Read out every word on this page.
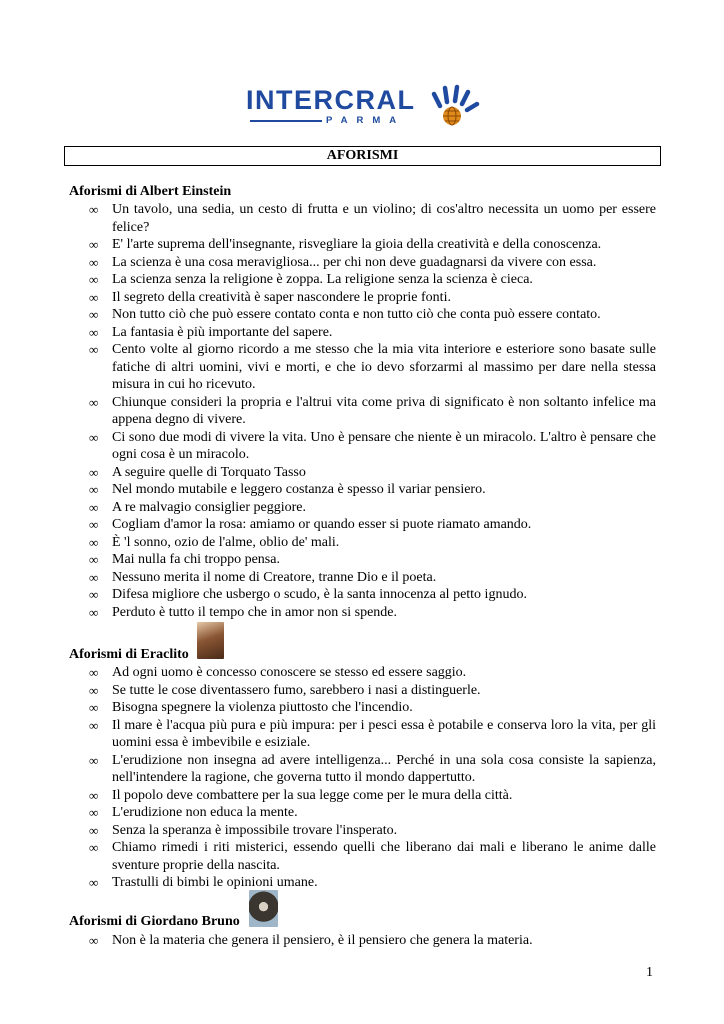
INTERCRAL
PARMA
AFORISMI
Aforismi di Albert Einstein
∞ Un tavolo, una sedia, un cesto di frutta e un violino; di cos'altro necessita un uomo per essere felice?
∞ E' l'arte suprema dell'insegnante, risvegliare la gioia della creatività e della conoscenza.
∞ La scienza è una cosa meravigliosa... per chi non deve guadagnarsi da vivere con essa.
∞ La scienza senza la religione è zoppa. La religione senza la scienza è cieca.
∞ Il segreto della creatività è saper nascondere le proprie fonti.
∞ Non tutto ciò che può essere contato conta e non tutto ciò che conta può essere contato.
∞ La fantasia è più importante del sapere.
∞ Cento volte al giorno ricordo a me stesso che la mia vita interiore e esteriore sono basate sulle fatiche di altri uomini, vivi e morti, e che io devo sforzarmi al massimo per dare nella stessa misura in cui ho ricevuto.
∞ Chiunque consideri la propria e l'altrui vita come priva di significato è non soltanto infelice ma appena degno di vivere.
∞ Ci sono due modi di vivere la vita. Uno è pensare che niente è un miracolo. L'altro è pensare che ogni cosa è un miracolo.
∞ A seguire quelle di Torquato Tasso
∞ Nel mondo mutabile e leggero costanza è spesso il variar pensiero.
∞ A re malvagio consiglier peggiore.
∞ Cogliam d'amor la rosa: amiamo or quando esser si puote riamato amando.
∞ È 'l sonno, ozio de l'alme, oblio de' mali.
∞ Mai nulla fa chi troppo pensa.
∞ Nessuno merita il nome di Creatore, tranne Dio e il poeta.
∞ Difesa migliore che usbergo o scudo, è la santa innocenza al petto ignudo.
∞ Perduto è tutto il tempo che in amor non si spende.
Aforismi di Eraclito
∞ Ad ogni uomo è concesso conoscere se stesso ed essere saggio.
∞ Se tutte le cose diventassero fumo, sarebbero i nasi a distinguerle.
∞ Bisogna spegnere la violenza piuttosto che l'incendio.
∞ Il mare è l'acqua più pura e più impura: per i pesci essa è potabile e conserva loro la vita, per gli uomini essa è imbevibile e esiziale.
∞ L'erudizione non insegna ad avere intelligenza... Perché in una sola cosa consiste la sapienza, nell'intendere la ragione, che governa tutto il mondo dappertutto.
∞ Il popolo deve combattere per la sua legge come per le mura della città.
∞ L'erudizione non educa la mente.
∞ Senza la speranza è impossibile trovare l'insperato.
∞ Chiamo rimedi i riti misterici, essendo quelli che liberano dai mali e liberano le anime dalle sventure proprie della nascita.
∞ Trastulli di bimbi le opinioni umane.
Aforismi di Giordano Bruno
∞ Non è la materia che genera il pensiero, è il pensiero che genera la materia.
1
